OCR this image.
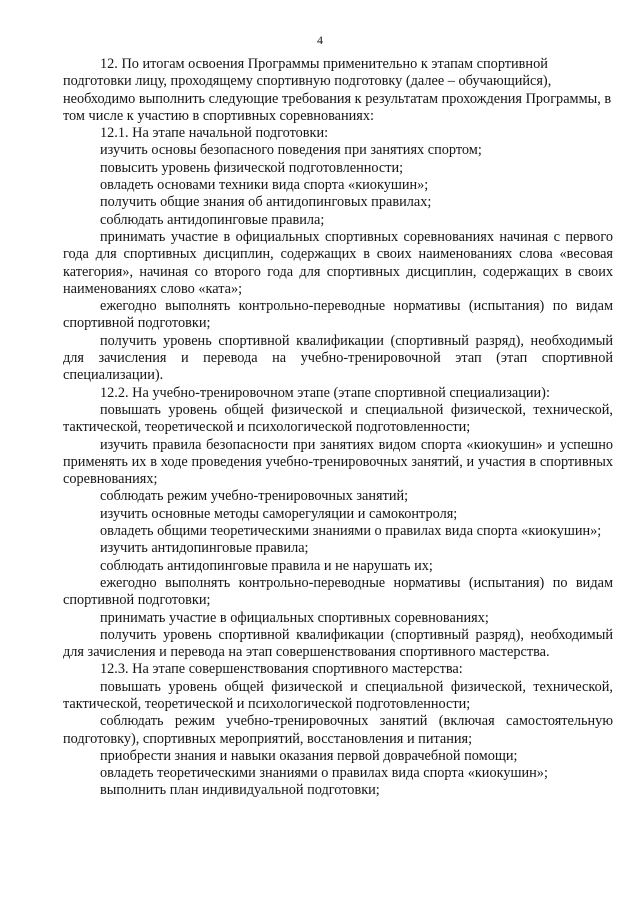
4

12. По итогам освоения Программы применительно к этапам спортивной подготовки лицу, проходящему спортивную подготовку (далее – обучающийся), необходимо выполнить следующие требования к результатам прохождения Программы, в том числе к участию в спортивных соревнованиях:

12.1. На этапе начальной подготовки:

изучить основы безопасного поведения при занятиях спортом;

повысить уровень физической подготовленности;

овладеть основами техники вида спорта «киокушин»;

получить общие знания об антидопинговых правилах;

соблюдать антидопинговые правила;

принимать участие в официальных спортивных соревнованиях начиная с первого года для спортивных дисциплин, содержащих в своих наименованиях слова «весовая категория», начиная со второго года для спортивных дисциплин, содержащих в своих наименованиях слово «ката»;

ежегодно выполнять контрольно-переводные нормативы (испытания) по видам спортивной подготовки;

получить уровень спортивной квалификации (спортивный разряд), необходимый для зачисления и перевода на учебно-тренировочной этап (этап спортивной специализации).

12.2. На учебно-тренировочном этапе (этапе спортивной специализации):

повышать уровень общей физической и специальной физической, технической, тактической, теоретической и психологической подготовленности;

изучить правила безопасности при занятиях видом спорта «киокушин» и успешно применять их в ходе проведения учебно-тренировочных занятий, и участия в спортивных соревнованиях;

соблюдать режим учебно-тренировочных занятий;

изучить основные методы саморегуляции и самоконтроля;

овладеть общими теоретическими знаниями о правилах вида спорта «киокушин»;

изучить антидопинговые правила;

соблюдать антидопинговые правила и не нарушать их;

ежегодно выполнять контрольно-переводные нормативы (испытания) по видам спортивной подготовки;

принимать участие в официальных спортивных соревнованиях;

получить уровень спортивной квалификации (спортивный разряд), необходимый для зачисления и перевода на этап совершенствования спортивного мастерства.

12.3. На этапе совершенствования спортивного мастерства:

повышать уровень общей физической и специальной физической, технической, тактической, теоретической и психологической подготовленности;

соблюдать режим учебно-тренировочных занятий (включая самостоятельную подготовку), спортивных мероприятий, восстановления и питания;

приобрести знания и навыки оказания первой доврачебной помощи;

овладеть теоретическими знаниями о правилах вида спорта «киокушин»;

выполнить план индивидуальной подготовки;
